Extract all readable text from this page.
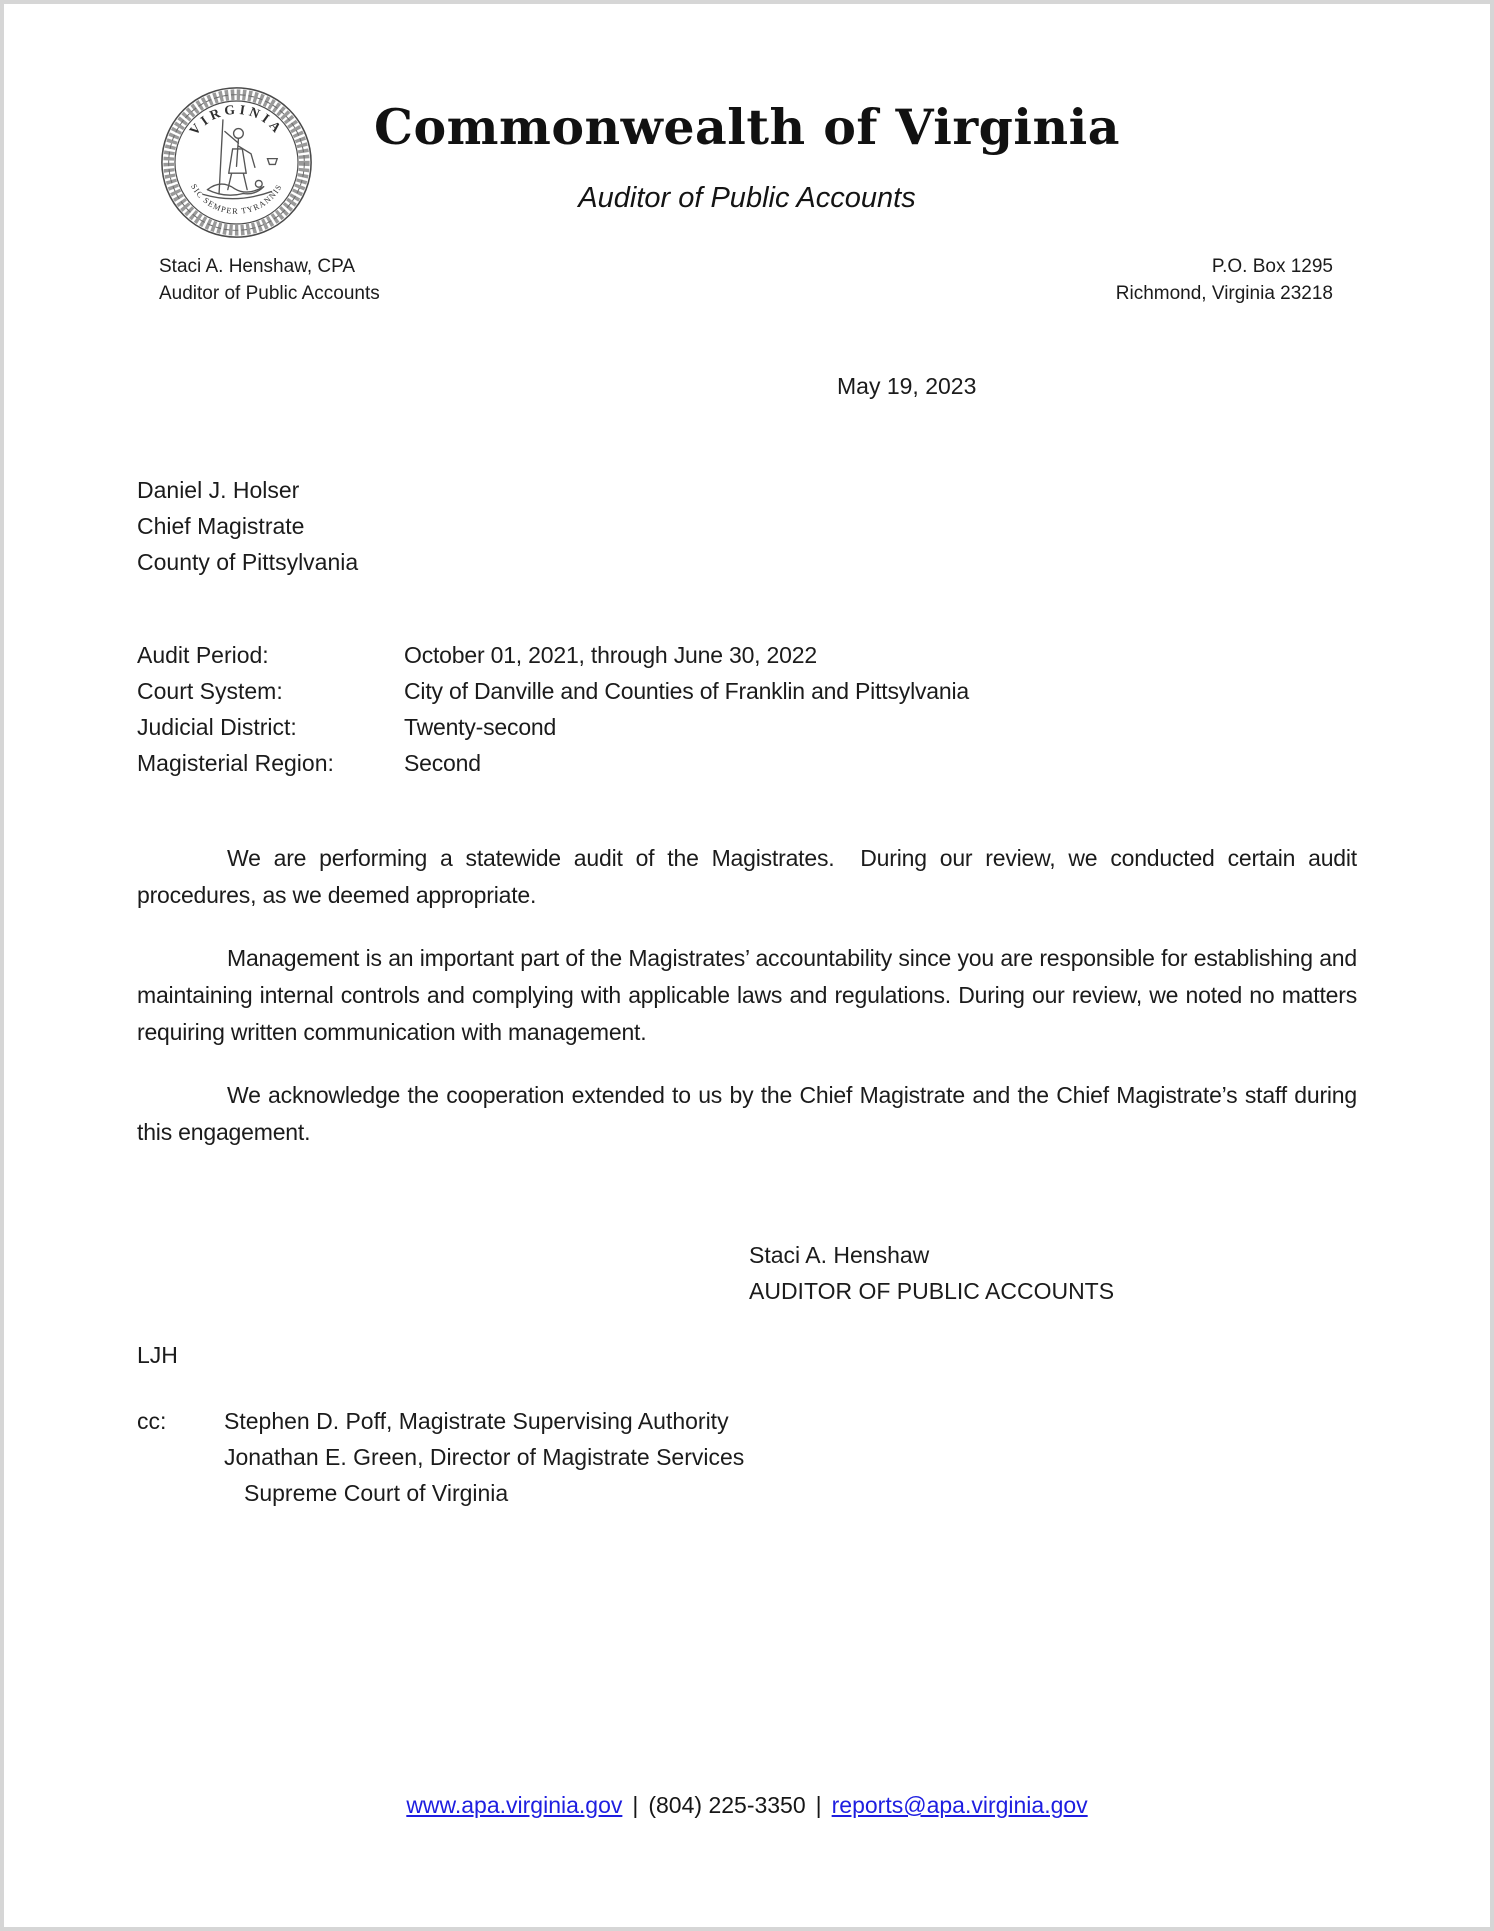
VIRGINIA
SIC SEMPER TYRANNIS
Commonwealth of Virginia
Auditor of Public Accounts
Staci A. Henshaw, CPA
Auditor of Public Accounts
P.O. Box 1295
Richmond, Virginia 23218
May 19, 2023
Daniel J. Holser
Chief Magistrate
County of Pittsylvania
Audit Period:	October 01, 2021, through June 30, 2022
Court System:	City of Danville and Counties of Franklin and Pittsylvania
Judicial District:	Twenty-second
Magisterial Region:	Second

We are performing a statewide audit of the Magistrates.  During our review, we conducted certain audit procedures, as we deemed appropriate.

Management is an important part of the Magistrates’ accountability since you are responsible for establishing and maintaining internal controls and complying with applicable laws and regulations. During our review, we noted no matters requiring written communication with management.

We acknowledge the cooperation extended to us by the Chief Magistrate and the Chief Magistrate’s staff during this engagement.

Staci A. Henshaw
AUDITOR OF PUBLIC ACCOUNTS
LJH
cc:	Stephen D. Poff, Magistrate Supervising Authority
Jonathan E. Green, Director of Magistrate Services
Supreme Court of Virginia
www.apa.virginia.gov | (804) 225-3350 | reports@apa.virginia.gov
